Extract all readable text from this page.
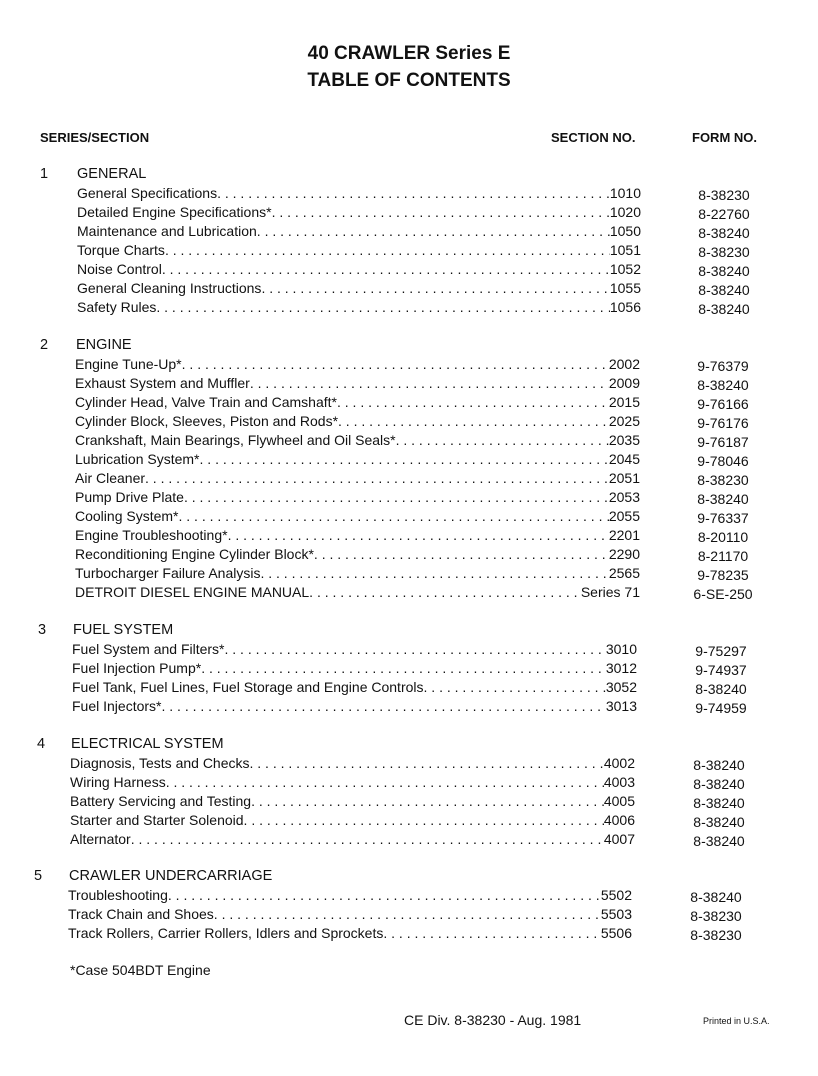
40 CRAWLER Series E
TABLE OF CONTENTS
SERIES/SECTION	SECTION NO.	FORM NO.
1 GENERAL
General Specifications . . .	1010	8-38230
Detailed Engine Specifications* . . .	1020	8-22760
Maintenance and Lubrication . . .	1050	8-38240
Torque Charts . . .	1051	8-38230
Noise Control . . .	1052	8-38240
General Cleaning Instructions . . .	1055	8-38240
Safety Rules . . .	1056	8-38240
2 ENGINE
Engine Tune-Up* . . .	2002	9-76379
Exhaust System and Muffler . . .	2009	8-38240
Cylinder Head, Valve Train and Camshaft* . . .	2015	9-76166
Cylinder Block, Sleeves, Piston and Rods* . . .	2025	9-76176
Crankshaft, Main Bearings, Flywheel and Oil Seals* . . .	2035	9-76187
Lubrication System* . . .	2045	9-78046
Air Cleaner . . .	2051	8-38230
Pump Drive Plate . . .	2053	8-38240
Cooling System* . . .	2055	9-76337
Engine Troubleshooting* . . .	2201	8-20110
Reconditioning Engine Cylinder Block* . . .	2290	8-21170
Turbocharger Failure Analysis . . .	2565	9-78235
DETROIT DIESEL ENGINE MANUAL . . .	Series 71	6-SE-250
3 FUEL SYSTEM
Fuel System and Filters* . . .	3010	9-75297
Fuel Injection Pump* . . .	3012	9-74937
Fuel Tank, Fuel Lines, Fuel Storage and Engine Controls . . .	3052	8-38240
Fuel Injectors* . . .	3013	9-74959
4 ELECTRICAL SYSTEM
Diagnosis, Tests and Checks . . .	4002	8-38240
Wiring Harness . . .	4003	8-38240
Battery Servicing and Testing . . .	4005	8-38240
Starter and Starter Solenoid . . .	4006	8-38240
Alternator . . .	4007	8-38240
5 CRAWLER UNDERCARRIAGE
Troubleshooting . . .	5502	8-38240
Track Chain and Shoes . . .	5503	8-38230
Track Rollers, Carrier Rollers, Idlers and Sprockets . . .	5506	8-38230
*Case 504BDT Engine
CE Div. 8-38230 - Aug. 1981	Printed in U.S.A.
